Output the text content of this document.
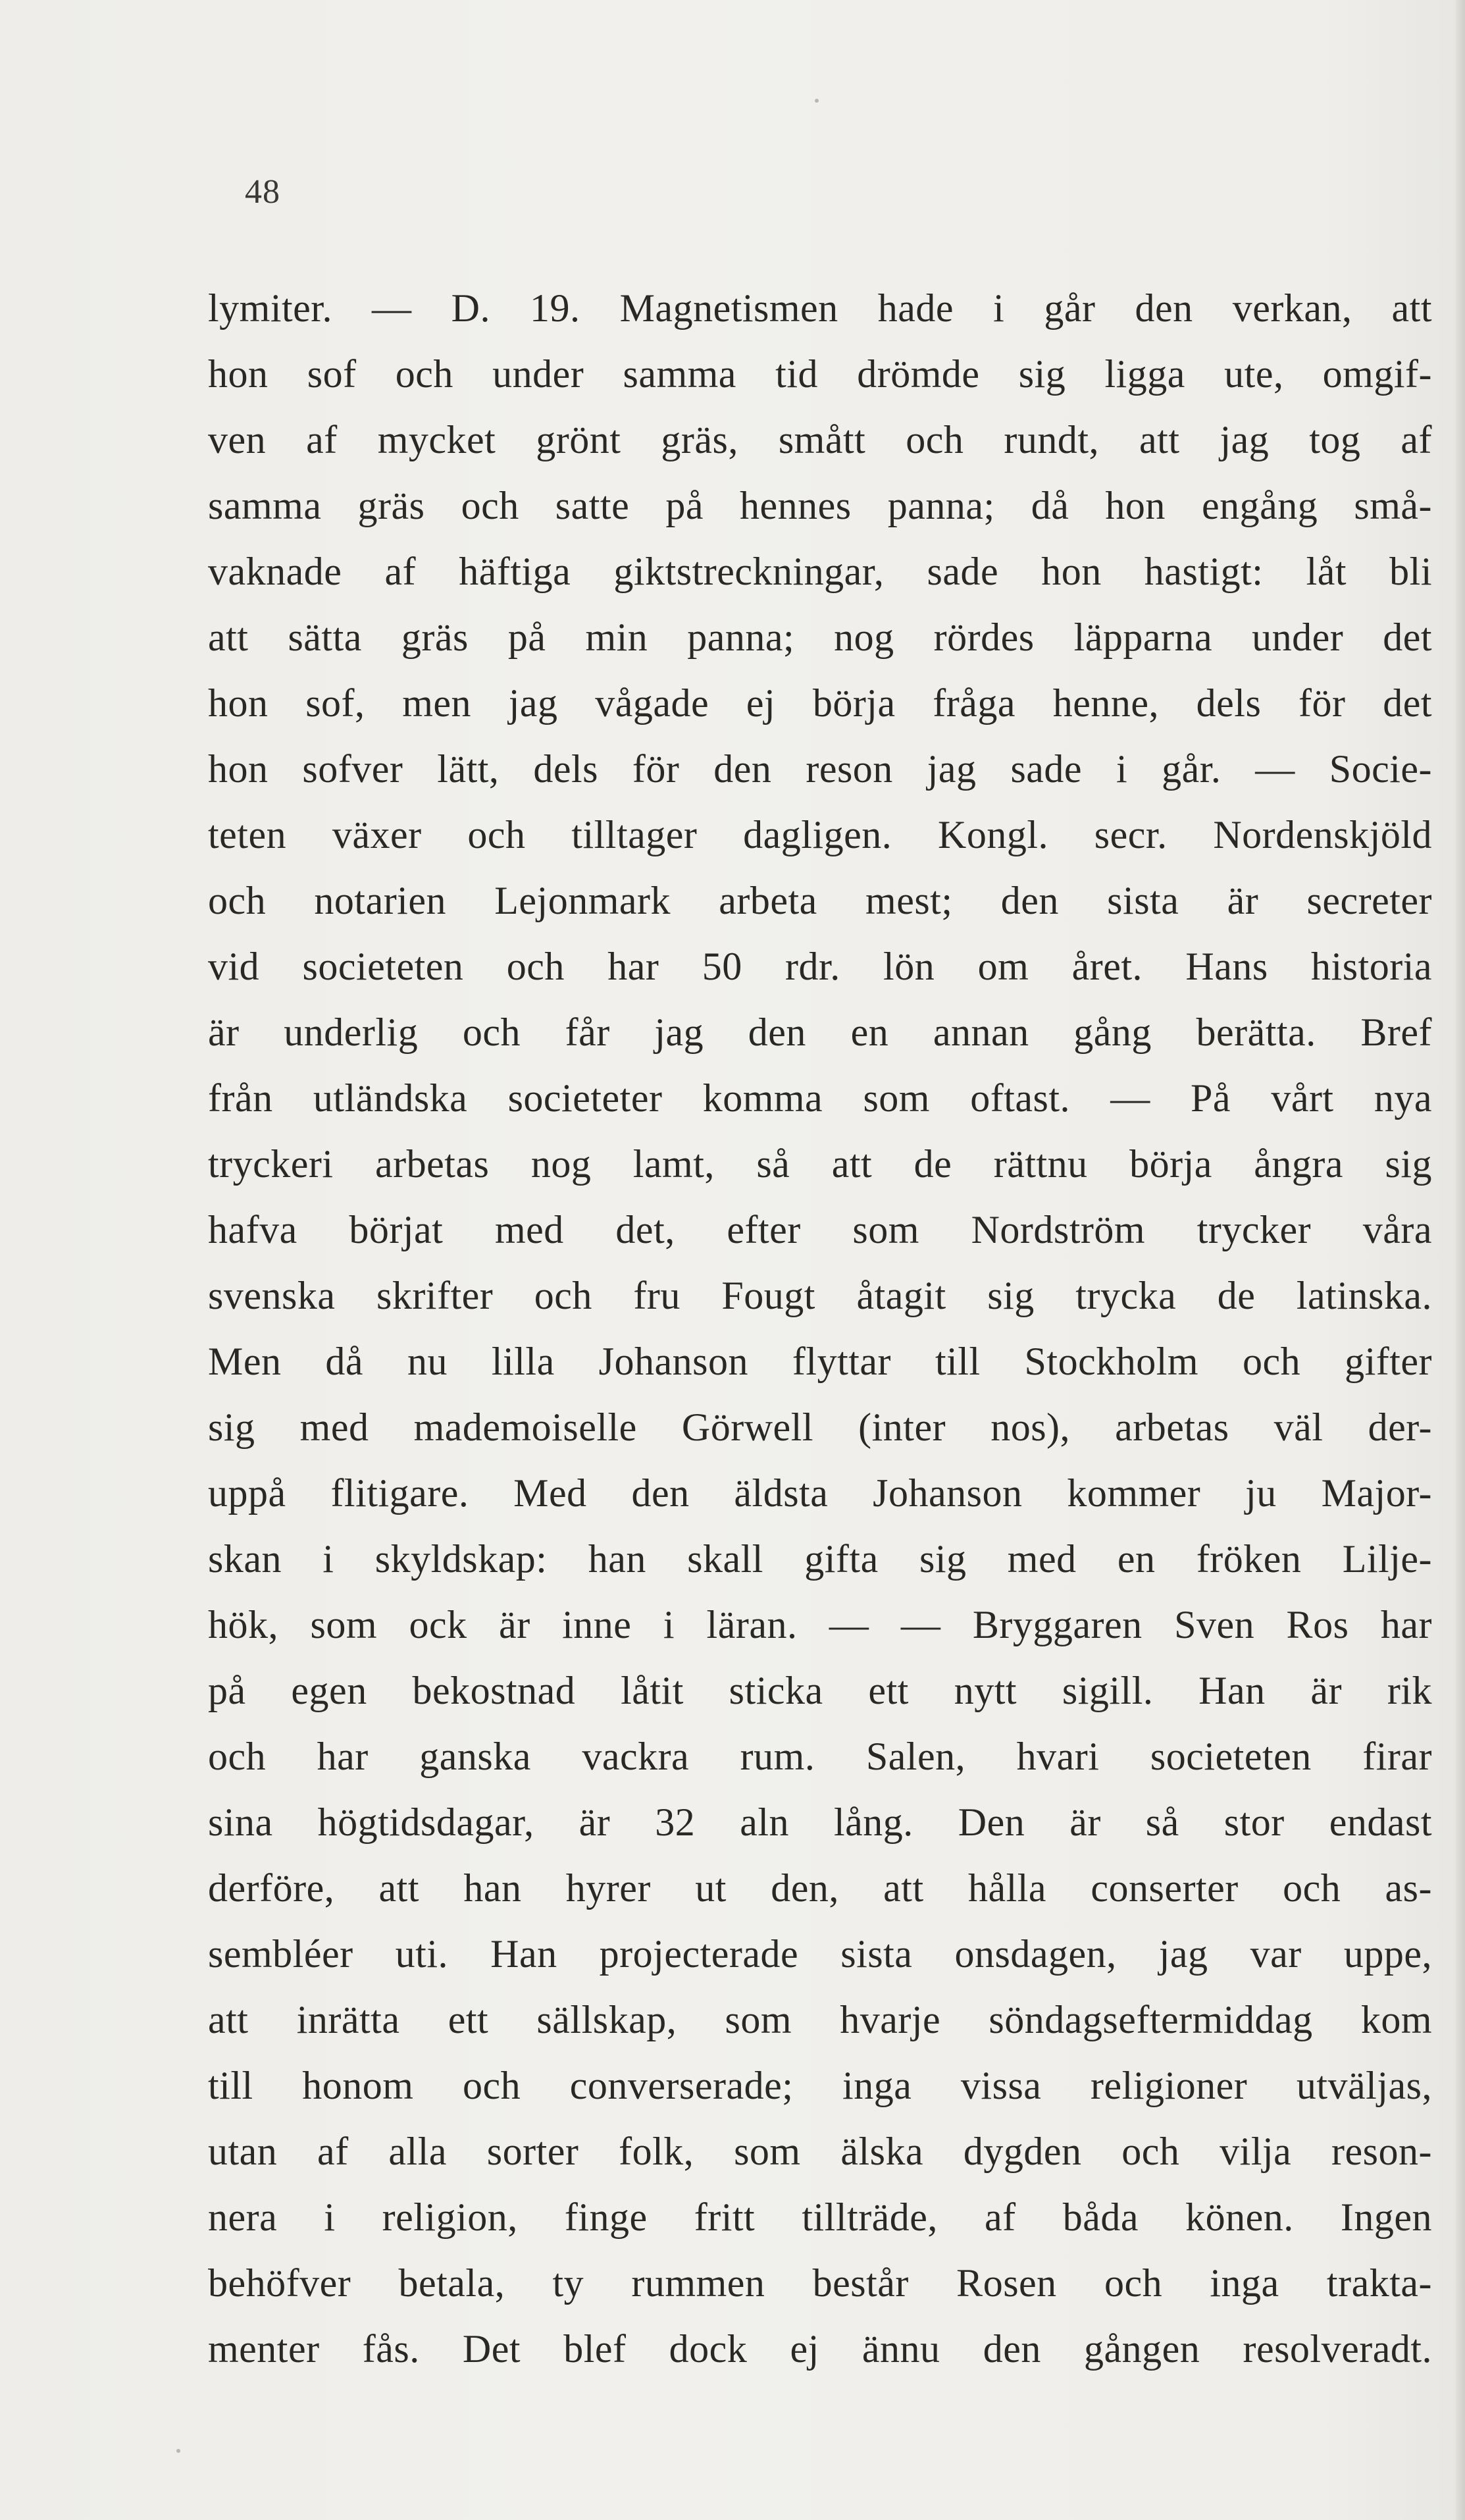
48
lymiter. — D. 19. Magnetismen hade i går den verkan, att
hon sof och under samma tid drömde sig ligga ute, omgif-
ven af mycket grönt gräs, smått och rundt, att jag tog af
samma gräs och satte på hennes panna; då hon engång små-
vaknade af häftiga giktstreckningar, sade hon hastigt: låt bli
att sätta gräs på min panna; nog rördes läpparna under det
hon sof, men jag vågade ej börja fråga henne, dels för det
hon sofver lätt, dels för den reson jag sade i går. — Socie-
teten växer och tilltager dagligen. Kongl. secr. Nordenskjöld
och notarien Lejonmark arbeta mest; den sista är secreter
vid societeten och har 50 rdr. lön om året. Hans historia
är underlig och får jag den en annan gång berätta. Bref
från utländska societeter komma som oftast. — På vårt nya
tryckeri arbetas nog lamt, så att de rättnu börja ångra sig
hafva börjat med det, efter som Nordström trycker våra
svenska skrifter och fru Fougt åtagit sig trycka de latinska.
Men då nu lilla Johanson flyttar till Stockholm och gifter
sig med mademoiselle Görwell (inter nos), arbetas väl der-
uppå flitigare. Med den äldsta Johanson kommer ju Major-
skan i skyldskap: han skall gifta sig med en fröken Lilje-
hök, som ock är inne i läran. — — Bryggaren Sven Ros har
på egen bekostnad låtit sticka ett nytt sigill. Han är rik
och har ganska vackra rum. Salen, hvari societeten firar
sina högtidsdagar, är 32 aln lång. Den är så stor endast
derföre, att han hyrer ut den, att hålla conserter och as-
sembléer uti. Han projecterade sista onsdagen, jag var uppe,
att inrätta ett sällskap, som hvarje söndagseftermiddag kom
till honom och converserade; inga vissa religioner utväljas,
utan af alla sorter folk, som älska dygden och vilja reson-
nera i religion, finge fritt tillträde, af båda könen. Ingen
behöfver betala, ty rummen består Rosen och inga trakta-
menter fås. Det blef dock ej ännu den gången resolveradt.
